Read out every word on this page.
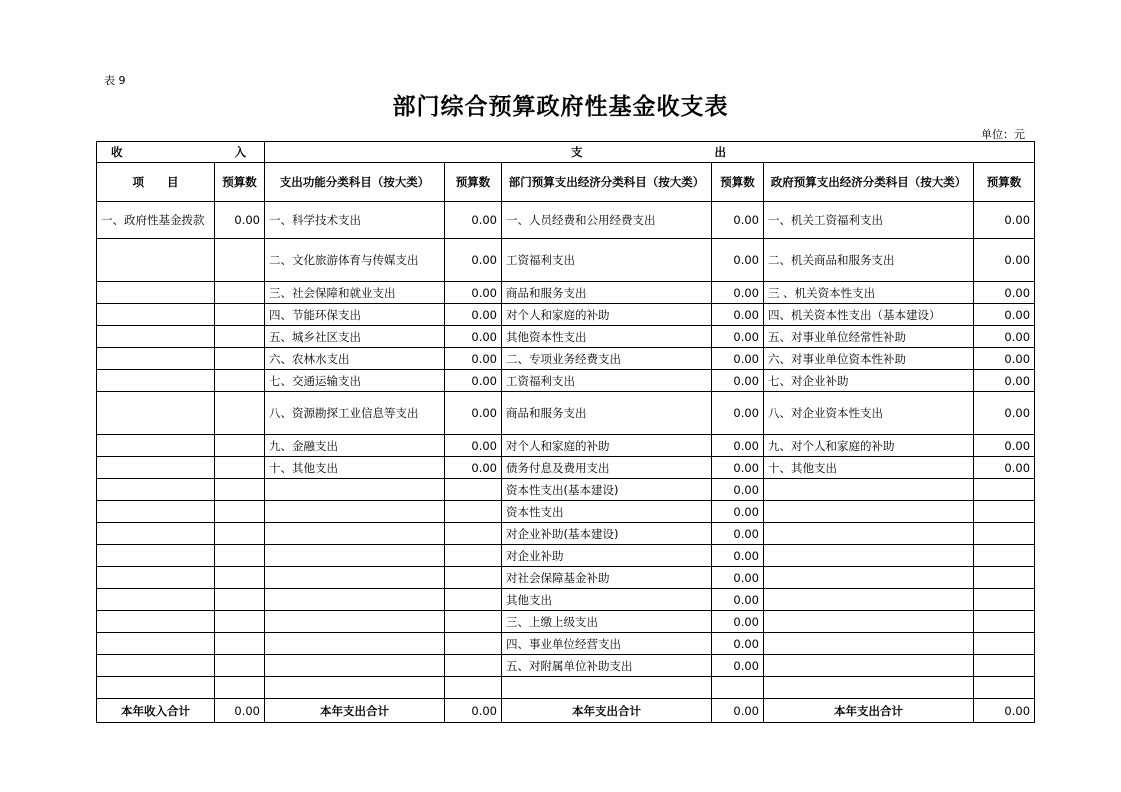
表 9
部门综合预算政府性基金收支表
单位：元
收 入		支 出					

项　　目	预算数	支出功能分类科目（按大类）	预算数	部门预算支出经济分类科目（按大类）	预算数	政府预算支出经济分类科目（按大类）	预算数
一、政府性基金拨款	0.00	一、科学技术支出	0.00	一、人员经费和公用经费支出	0.00	一、机关工资福利支出	0.00
		二、文化旅游体育与传媒支出	0.00	工资福利支出	0.00	二、机关商品和服务支出	0.00
		三、社会保障和就业支出	0.00	商品和服务支出	0.00	三 、机关资本性支出	0.00
		四、节能环保支出	0.00	对个人和家庭的补助	0.00	四、机关资本性支出（基本建设）	0.00
		五、城乡社区支出	0.00	其他资本性支出	0.00	五、对事业单位经常性补助	0.00
		六、农林水支出	0.00	二、专项业务经费支出	0.00	六、对事业单位资本性补助	0.00
		七、交通运输支出	0.00	工资福利支出	0.00	七、对企业补助	0.00
		八、资源勘探工业信息等支出	0.00	商品和服务支出	0.00	八、对企业资本性支出	0.00
		九、金融支出	0.00	对个人和家庭的补助	0.00	九、对个人和家庭的补助	0.00
		十、其他支出	0.00	债务付息及费用支出	0.00	十、其他支出	0.00
				资本性支出(基本建设)	0.00		
				资本性支出	0.00		
				对企业补助(基本建设)	0.00		
				对企业补助	0.00		
				对社会保障基金补助	0.00		
				其他支出	0.00		
				三、上缴上级支出	0.00		
				四、事业单位经营支出	0.00		
				五、对附属单位补助支出	0.00		

本年收入合计	0.00	本年支出合计	0.00	本年支出合计	0.00	本年支出合计	0.00
